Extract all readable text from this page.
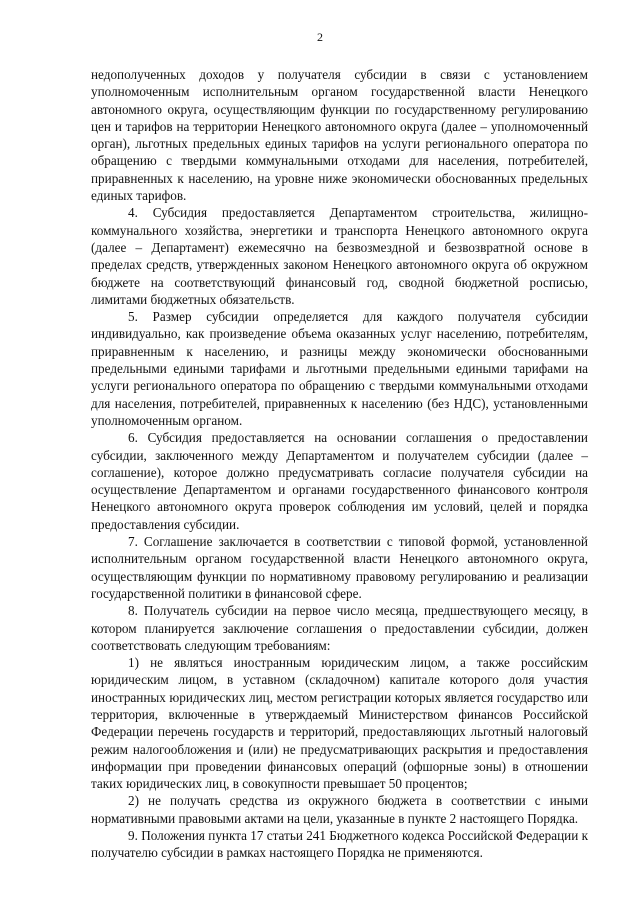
2

недополученных доходов у получателя субсидии в связи с установлением уполномоченным исполнительным органом государственной власти Ненецкого автономного округа, осуществляющим функции по государственному регулированию цен и тарифов на территории Ненецкого автономного округа (далее – уполномоченный орган), льготных предельных единых тарифов на услуги регионального оператора по обращению с твердыми коммунальными отходами для населения, потребителей, приравненных к населению, на уровне ниже экономически обоснованных предельных единых тарифов.

4. Субсидия предоставляется Департаментом строительства, жилищно-коммунального хозяйства, энергетики и транспорта Ненецкого автономного округа (далее – Департамент) ежемесячно на безвозмездной и безвозвратной основе в пределах средств, утвержденных законом Ненецкого автономного округа об окружном бюджете на соответствующий финансовый год, сводной бюджетной росписью, лимитами бюджетных обязательств.

5. Размер субсидии определяется для каждого получателя субсидии индивидуально, как произведение объема оказанных услуг населению, потребителям, приравненным к населению, и разницы между экономически обоснованными предельными едиными тарифами и льготными предельными едиными тарифами на услуги регионального оператора по обращению с твердыми коммунальными отходами для населения, потребителей, приравненных к населению (без НДС), установленными уполномоченным органом.

6. Субсидия предоставляется на основании соглашения о предоставлении субсидии, заключенного между Департаментом и получателем субсидии (далее – соглашение), которое должно предусматривать согласие получателя субсидии на осуществление Департаментом и органами государственного финансового контроля Ненецкого автономного округа проверок соблюдения им условий, целей и порядка предоставления субсидии.

7. Соглашение заключается в соответствии с типовой формой, установленной исполнительным органом государственной власти Ненецкого автономного округа, осуществляющим функции по нормативному правовому регулированию и реализации государственной политики в финансовой сфере.

8. Получатель субсидии на первое число месяца, предшествующего месяцу, в котором планируется заключение соглашения о предоставлении субсидии, должен соответствовать следующим требованиям:

1) не являться иностранным юридическим лицом, а также российским юридическим лицом, в уставном (складочном) капитале которого доля участия иностранных юридических лиц, местом регистрации которых является государство или территория, включенные в утверждаемый Министерством финансов Российской Федерации перечень государств и территорий, предоставляющих льготный налоговый режим налогообложения и (или) не предусматривающих раскрытия и предоставления информации при проведении финансовых операций (офшорные зоны) в отношении таких юридических лиц, в совокупности превышает 50 процентов;

2) не получать средства из окружного бюджета в соответствии с иными нормативными правовыми актами на цели, указанные в пункте 2 настоящего Порядка.

9. Положения пункта 17 статьи 241 Бюджетного кодекса Российской Федерации к получателю субсидии в рамках настоящего Порядка не применяются.
